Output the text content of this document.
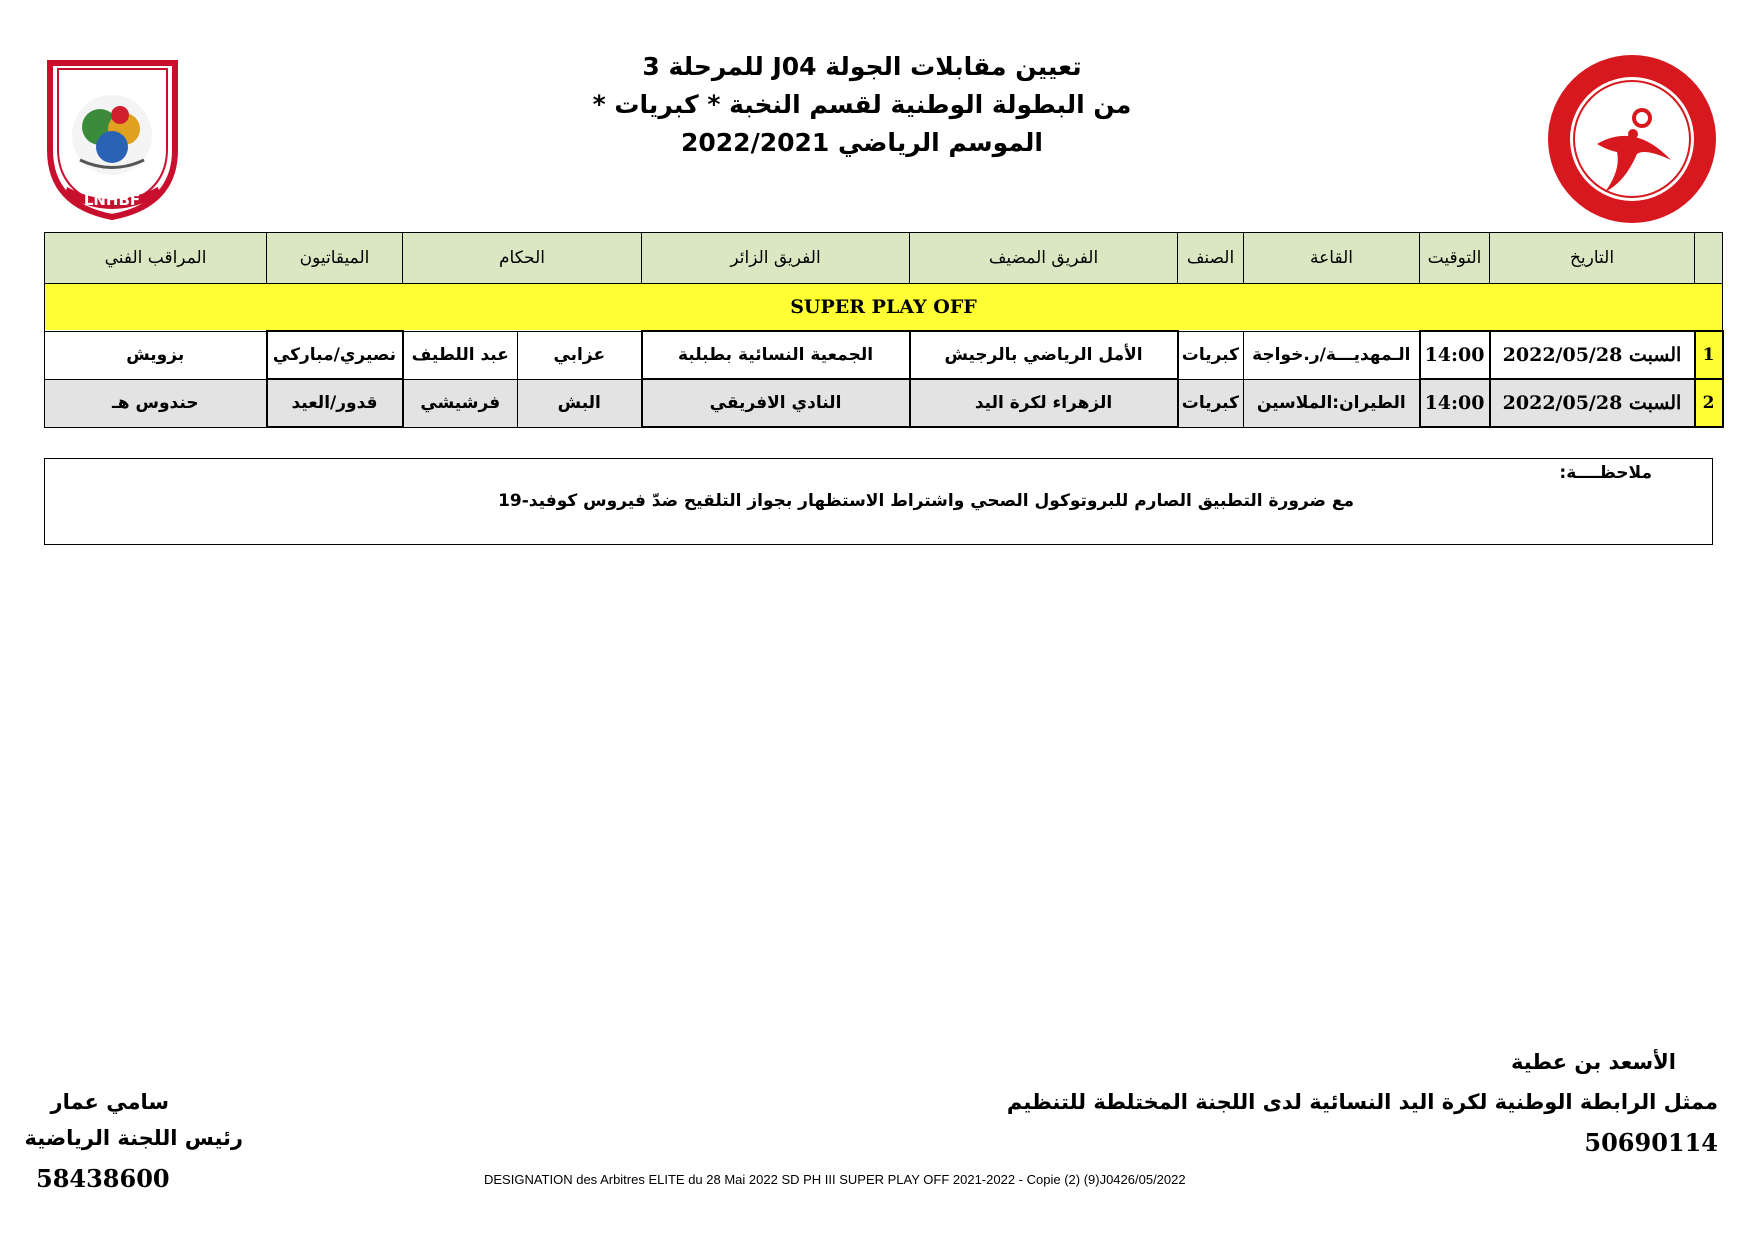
تعيين مقابلات الجولة J04 للمرحلة 3
من البطولة الوطنية لقسم النخبة * كبريات *
الموسم الرياضي 2022/2021
LNHBF
	التاريخ	التوقيت	القاعة	الصنف	الفريق المضيف	الفريق الزائر	الحكام		الميقاتيون	المراقب الفني
SUPER PLAY OFF										
1	السبت 2022/05/28	14:00	الـمهديـــة/ر.خواجة	كبريات	الأمل الرياضي بالرجيش	الجمعية النسائية بطبلبة	عزابي	عبد اللطيف	نصيري/مباركي	بزويش
2	السبت 2022/05/28	14:00	الطيران:الملاسين	كبريات	الزهراء لكرة اليد	النادي الافريقي	البش	فرشيشي	قدور/العيد	حندوس هـ
ملاحظــــة:
مع ضرورة التطبيق الصارم للبروتوكول الصحي واشتراط الاستظهار بجواز التلقيح ضدّ فيروس كوفيد-19
الأسعد بن عطية
ممثل الرابطة الوطنية لكرة اليد النسائية لدى اللجنة المختلطة للتنظيم
50690114
سامي عمار
رئيس اللجنة الرياضية
58438600	DESIGNATION des Arbitres ELITE du 28 Mai 2022 SD PH III SUPER PLAY OFF 2021-2022 - Copie (2) (9)J0426/05/2022
